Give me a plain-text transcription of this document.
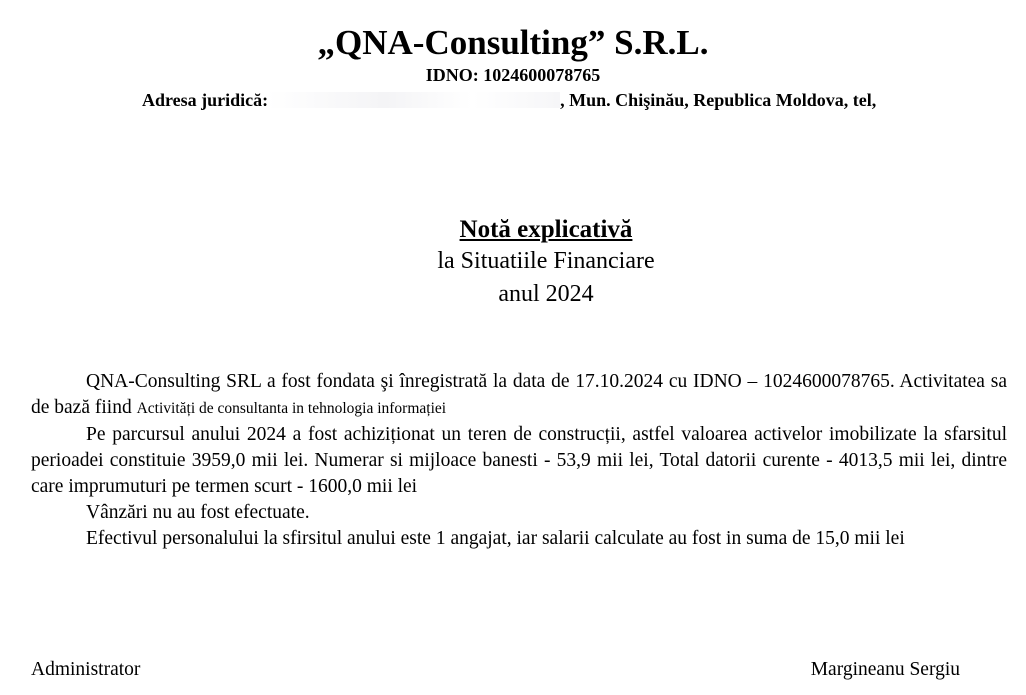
„QNA-Consulting” S.R.L.
IDNO: 1024600078765
Adresa juridică:	, Mun. Chişinău, Republica Moldova, tel,
Notă explicativă
la Situatiile Financiare
anul 2024

QNA-Consulting SRL a fost fondata şi înregistrată la data de 17.10.2024 cu IDNO – 1024600078765. Activitatea sa de bază fiind Activități de consultanta in tehnologia informației

Pe parcursul anului 2024 a fost achiziționat un teren de construcții, astfel valoarea activelor imobilizate la sfarsitul perioadei constituie 3959,0 mii lei. Numerar si mijloace banesti - 53,9 mii lei, Total datorii curente - 4013,5 mii lei, dintre care imprumuturi pe termen scurt - 1600,0 mii lei

Vânzări nu au fost efectuate.

Efectivul personalului la sfirsitul anului este 1 angajat, iar salarii calculate au fost in suma de 15,0 mii lei

Administrator	Margineanu Sergiu
